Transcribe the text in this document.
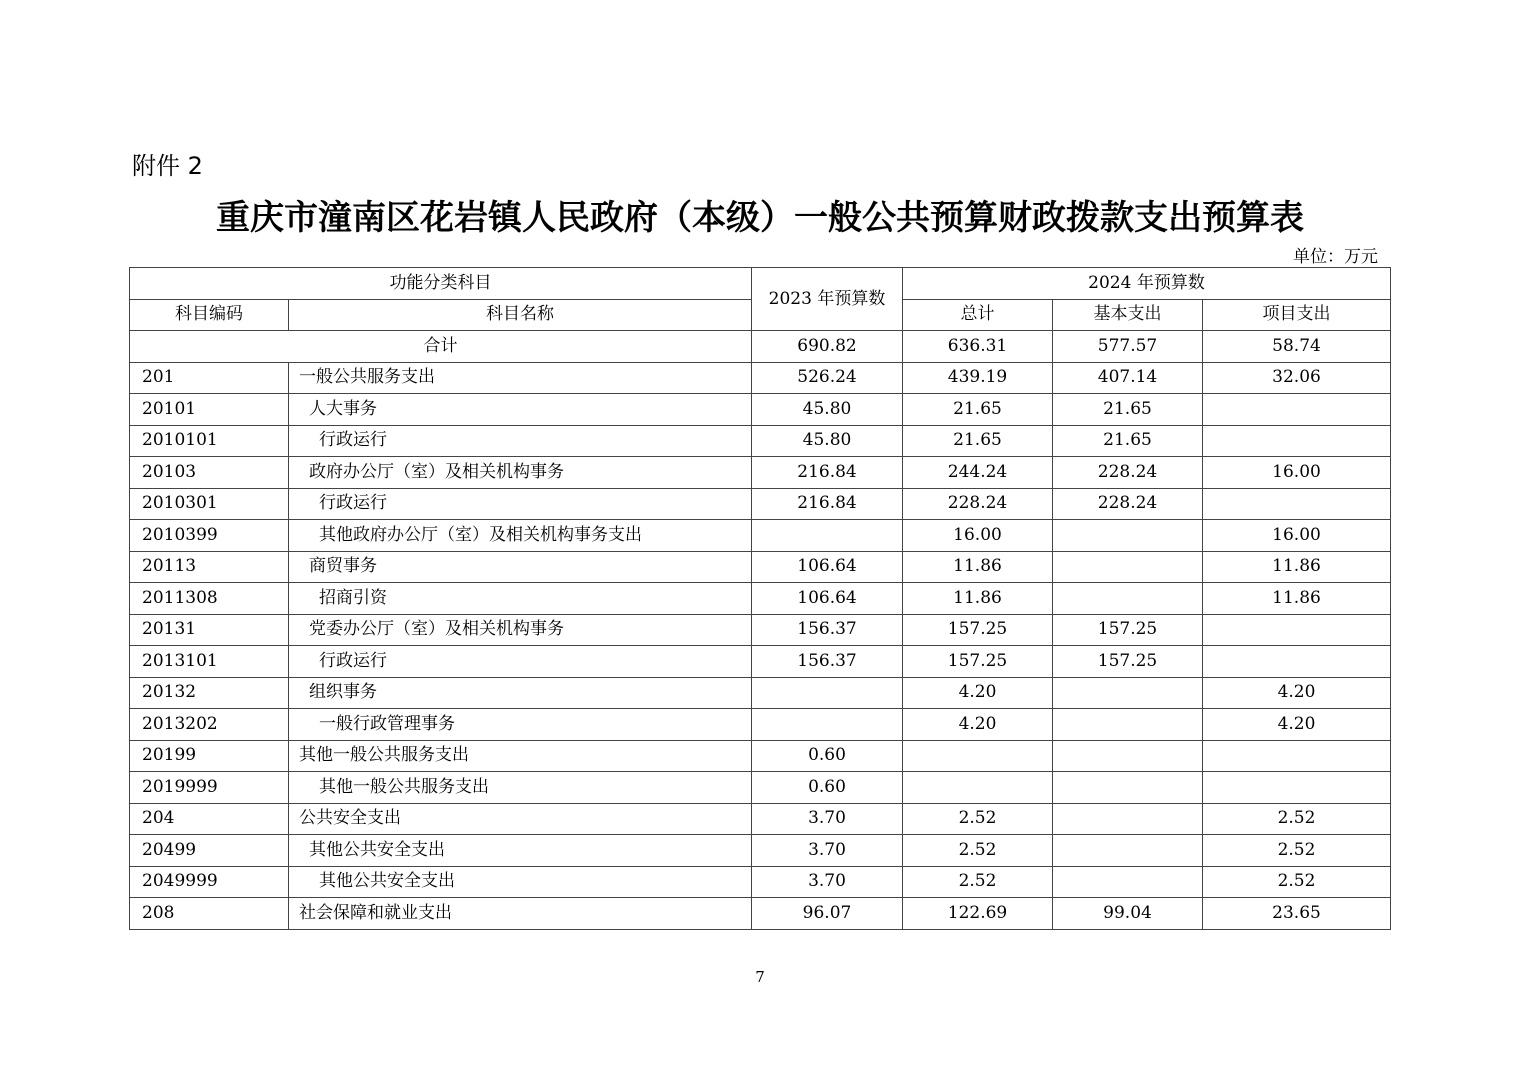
附件 2
重庆市潼南区花岩镇人民政府（本级）一般公共预算财政拨款支出预算表
单位：万元
功能分类科目		2023 年预算数	2024 年预算数		
科目编码	科目名称		总计	基本支出	项目支出
合计		690.82	636.31	577.57	58.74
201	一般公共服务支出	526.24	439.19	407.14	32.06
20101	人大事务	45.80	21.65	21.65	
2010101	行政运行	45.80	21.65	21.65	
20103	政府办公厅（室）及相关机构事务	216.84	244.24	228.24	16.00
2010301	行政运行	216.84	228.24	228.24	
2010399	其他政府办公厅（室）及相关机构事务支出		16.00		16.00
20113	商贸事务	106.64	11.86		11.86
2011308	招商引资	106.64	11.86		11.86
20131	党委办公厅（室）及相关机构事务	156.37	157.25	157.25	
2013101	行政运行	156.37	157.25	157.25	
20132	组织事务		4.20		4.20
2013202	一般行政管理事务		4.20		4.20
20199	其他一般公共服务支出	0.60			
2019999	其他一般公共服务支出	0.60			
204	公共安全支出	3.70	2.52		2.52
20499	其他公共安全支出	3.70	2.52		2.52
2049999	其他公共安全支出	3.70	2.52		2.52
208	社会保障和就业支出	96.07	122.69	99.04	23.65
7
